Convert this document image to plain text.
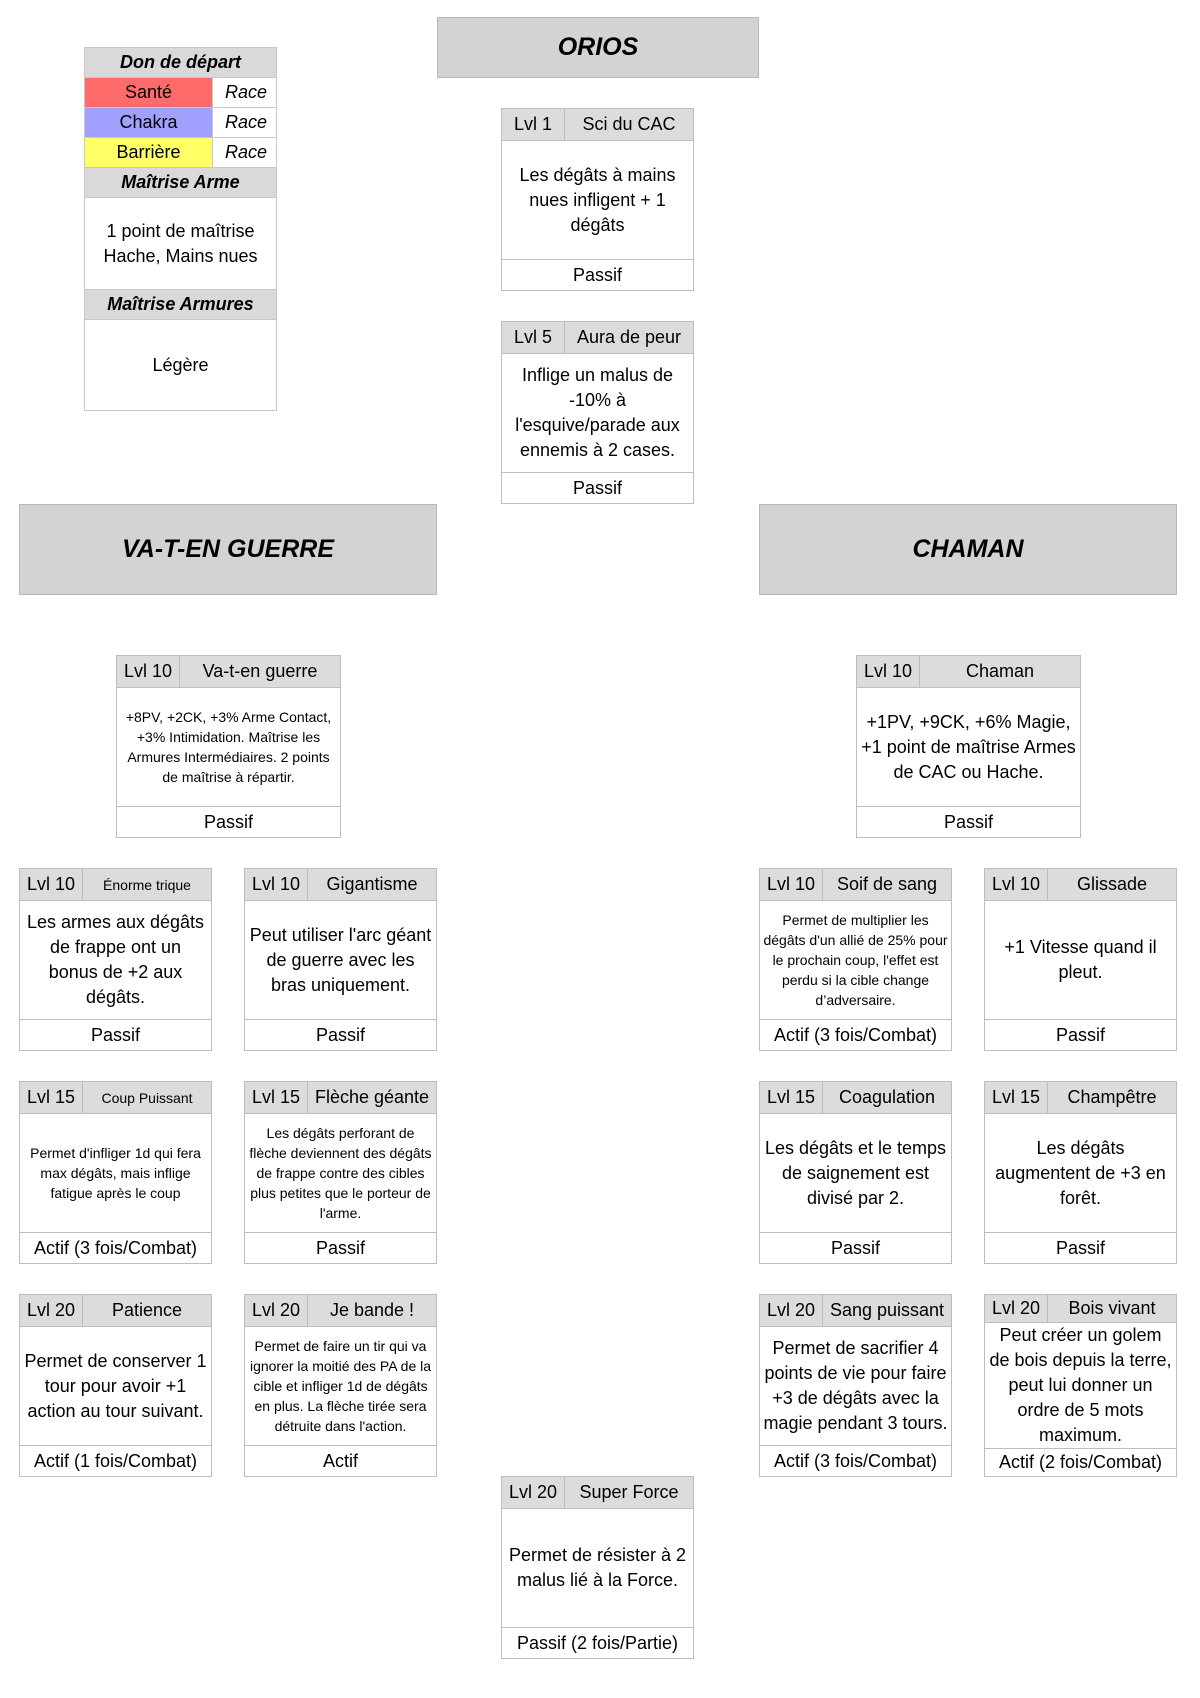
ORIOS
VA-T-EN GUERRE	CHAMAN
Don de départ
Santé	Race
Chakra	Race
Barrière	Race
Maîtrise Arme
1 point de maîtrise
Hache, Mains nues
Maîtrise Armures
Légère
Lvl 1	Sci du CAC
Les dégâts à mains nues infligent + 1 dégâts
Passif
Lvl 5	Aura de peur
Inflige un malus de -10% à l'esquive/parade aux ennemis à 2 cases.
Passif
Lvl 10	Va-t-en guerre
+8PV, +2CK, +3% Arme Contact, +3% Intimidation. Maîtrise les Armures Intermédiaires. 2 points de maîtrise à répartir.
Passif
Lvl 10	Chaman
+1PV, +9CK, +6% Magie, +1 point de maîtrise Armes de CAC ou Hache.
Passif
Lvl 10	Énorme trique
Les armes aux dégâts de frappe ont un bonus de +2 aux dégâts.
Passif
Lvl 10	Gigantisme
Peut utiliser l'arc géant de guerre avec les bras uniquement.
Passif
Lvl 10	Soif de sang
Permet de multiplier les dégâts d'un allié de 25% pour le prochain coup, l'effet est perdu si la cible change d’adversaire.
Actif (3 fois/Combat)
Lvl 10	Glissade
+1 Vitesse quand il pleut.
Passif
Lvl 15	Coup Puissant
Permet d'infliger 1d qui fera max dégâts, mais inflige fatigue après le coup
Actif (3 fois/Combat)
Lvl 15 Flèche géante
Les dégâts perforant de flèche deviennent des dégâts de frappe contre des cibles plus petites que le porteur de l'arme.
Passif
Lvl 15	Coagulation
Les dégâts et le temps de saignement est divisé par 2.
Passif
Lvl 15	Champêtre
Les dégâts augmentent de +3 en forêt.
Passif
Lvl 20	Patience
Permet de conserver 1 tour pour avoir +1 action au tour suivant.
Actif (1 fois/Combat)
Lvl 20	Je bande !
Permet de faire un tir qui va ignorer la moitié des PA de la cible et infliger 1d de dégâts en plus. La flèche tirée sera détruite dans l'action.
Actif
Lvl 20 Sang puissant
Permet de sacrifier 4 points de vie pour faire +3 de dégâts avec la magie pendant 3 tours.
Actif (3 fois/Combat)
Lvl 20	Bois vivant
Peut créer un golem de bois depuis la terre, peut lui donner un ordre de 5 mots maximum.
Actif (2 fois/Combat)
Lvl 20	Super Force
Permet de résister à 2 malus lié à la Force.
Passif (2 fois/Partie)
